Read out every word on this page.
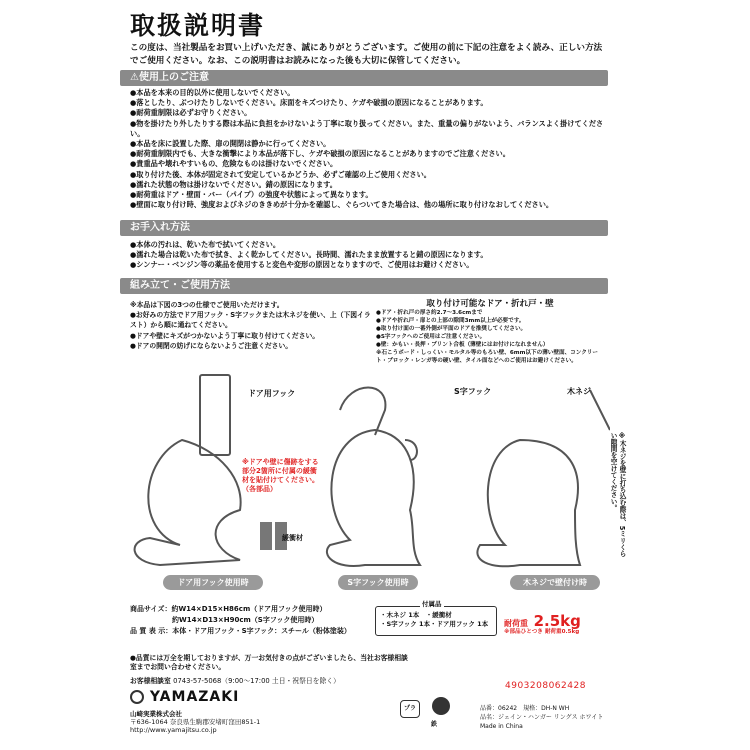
取扱説明書
この度は、当社製品をお買い上げいただき、誠にありがとうございます。ご使用の前に下記の注意をよく読み、正しい方法でご使用ください。なお、この説明書はお読みになった後も大切に保管してください。
⚠使用上のご注意
●本品を本来の目的以外に使用しないでください。
●落としたり、ぶつけたりしないでください。床面をキズつけたり、ケガや破損の原因になることがあります。
●耐荷重制限は必ずお守りください。
●物を掛けたり外したりする際は本品に負担をかけないよう丁寧に取り扱ってください。また、重量の偏りがないよう、バランスよく掛けてください。
●本品を床に設置した際、扉の開閉は静かに行ってください。
●耐荷重制限内でも、大きな衝撃により本品が落下し、ケガや破損の原因になることがありますのでご注意ください。
●貴重品や壊れやすいもの、危険なものは掛けないでください。
●取り付けた後、本体が固定されて安定しているかどうか、必ずご確認の上ご使用ください。
●濡れた状態の物は掛けないでください。錆の原因になります。
●耐荷重はドア・壁面・バー（パイプ）の強度や状態によって異なります。
●壁面に取り付け時、強度およびネジのききめが十分かを確認し、ぐらついてきた場合は、他の場所に取り付けなおしてください。
お手入れ方法
●本体の汚れは、乾いた布で拭いてください。
●濡れた場合は乾いた布で拭き、よく乾かしてください。長時間、濡れたまま放置すると錆の原因になります。
●シンナー・ベンジン等の薬品を使用すると変色や変形の原因となりますので、ご使用はお避けください。
組み立て・ご使用方法
※本品は下図の3つの仕様でご使用いただけます。
●お好みの方法でドア用フック・S字フックまたは木ネジを使い、上（下図イラスト）から順に通ねてください。
●ドアや壁にキズがつかないよう丁寧に取り付けてください。
●ドアの開閉の妨げにならないようご注意ください。
取り付け可能なドア・折れ戸・壁
●ドア・折れ戸の厚さ約2.7～3.6cmまで
●ドアや折れ戸・扉との上部の隙間3mm以上が必要です。
●取り付け面の一番外側が平面のドアを推奨してください。
●S字フックへのご使用はご注意ください。
●壁：かもい・長押・プリント合板（薄壁にはお付けになれません）
※石こうボード・しっくい・モルタル等のもろい壁、6mm以下の薄い壁面、コンクリート・ブロック・レンガ等の硬い壁、タイル面などへのご使用はお避けください。
ドア用フック	S字フック	木ネジ
※ドアや壁に傷跡をする部分2箇所に付属の緩衝材を貼付けてください。（各部品）
緩衝材	※木ネジを壁に打ち込む際は、5ミリくらい隙間を空けてください。
ドア用フック使用時	S字フック使用時	木ネジで壁付け時
商品サイズ：約W14×D15×H86cm（ドア用フック使用時）
約W14×D13×H90cm（S字フック使用時）
品 質 表 示：本体・ドア用フック・S字フック：スチール（粉体塗装）
付属品
・木ネジ 1本　・緩衝材
・S字フック 1本・ドア用フック 1本	耐荷重 2.5kg
※部品ひとつき 耐荷重0.5kg
●品質には万全を期しておりますが、万一お気付きの点がございましたら、当社お客様相談室までお問い合わせください。
お客様相談室 0743-57-5068（9:00～17:00 土日・祝祭日を除く）
YAMAZAKI
山崎実業株式会社
〒636-1064 奈良県生駒郡安堵町窪田851-1
http://www.yamajitsu.co.jp
4903208062428
プラ
鉄
品番：06242　規格：DH-N WH
品名：ジェイン・ハンガー リングス ホワイト
Made in China
